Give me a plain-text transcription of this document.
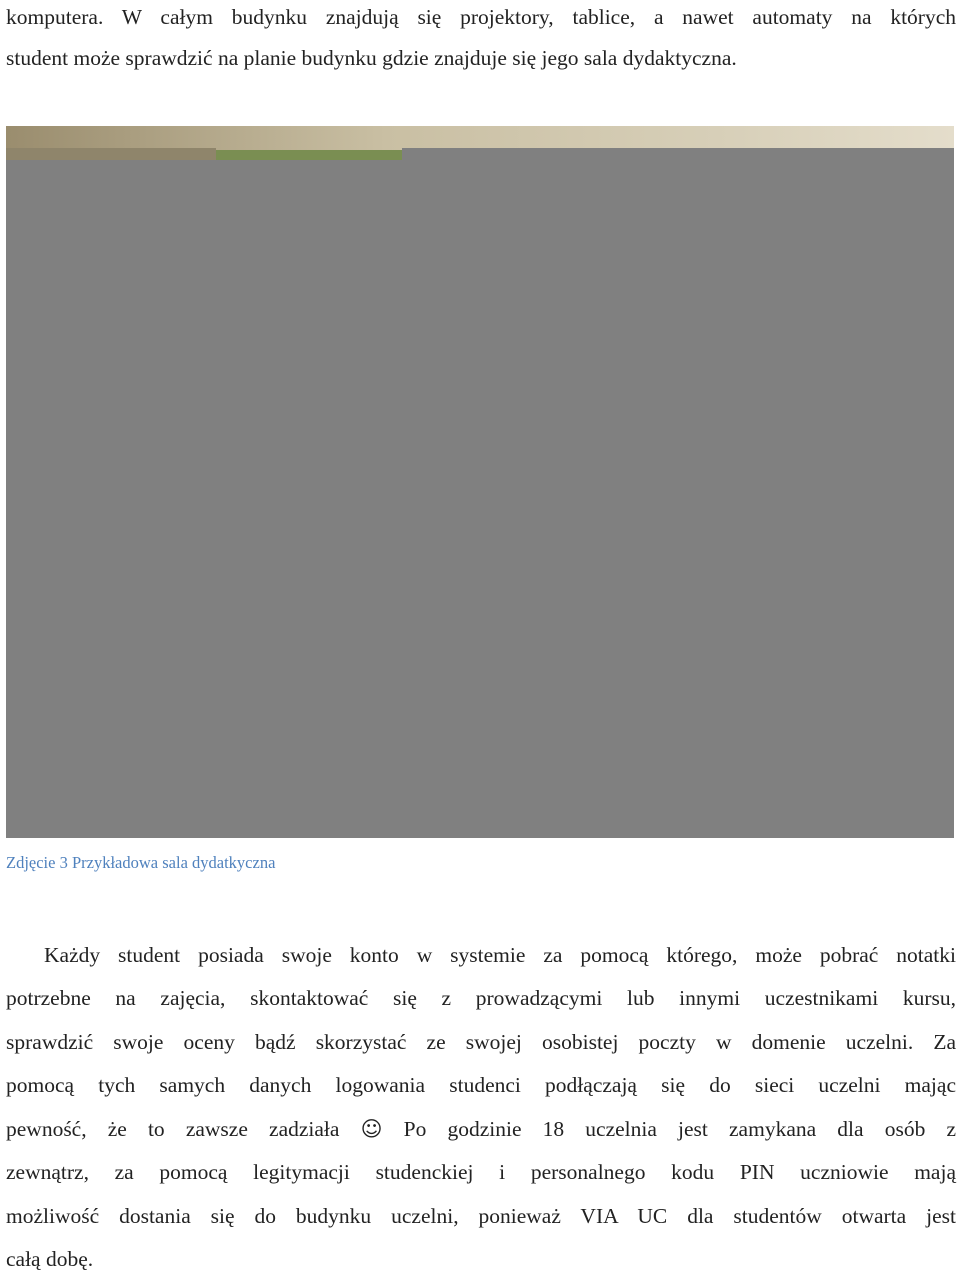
komputera. W całym budynku znajdują się projektory, tablice, a nawet automaty na których

student może sprawdzić na planie budynku gdzie znajduje się jego sala dydaktyczna.

Zdjęcie 3 Przykładowa sala dydatkyczna

Każdy student posiada swoje konto w systemie za pomocą którego, może pobrać notatki

potrzebne na zajęcia, skontaktować się z prowadzącymi lub innymi uczestnikami kursu,

sprawdzić swoje oceny bądź skorzystać ze swojej osobistej poczty w domenie uczelni. Za

pomocą tych samych danych logowania studenci podłączają się do sieci uczelni mając

pewność, że to zawsze zadziała ☺ Po godzinie 18 uczelnia jest zamykana dla osób z

zewnątrz, za pomocą legitymacji studenckiej i personalnego kodu PIN uczniowie mają

możliwość dostania się do budynku uczelni, ponieważ VIA UC dla studentów otwarta jest

całą dobę.
